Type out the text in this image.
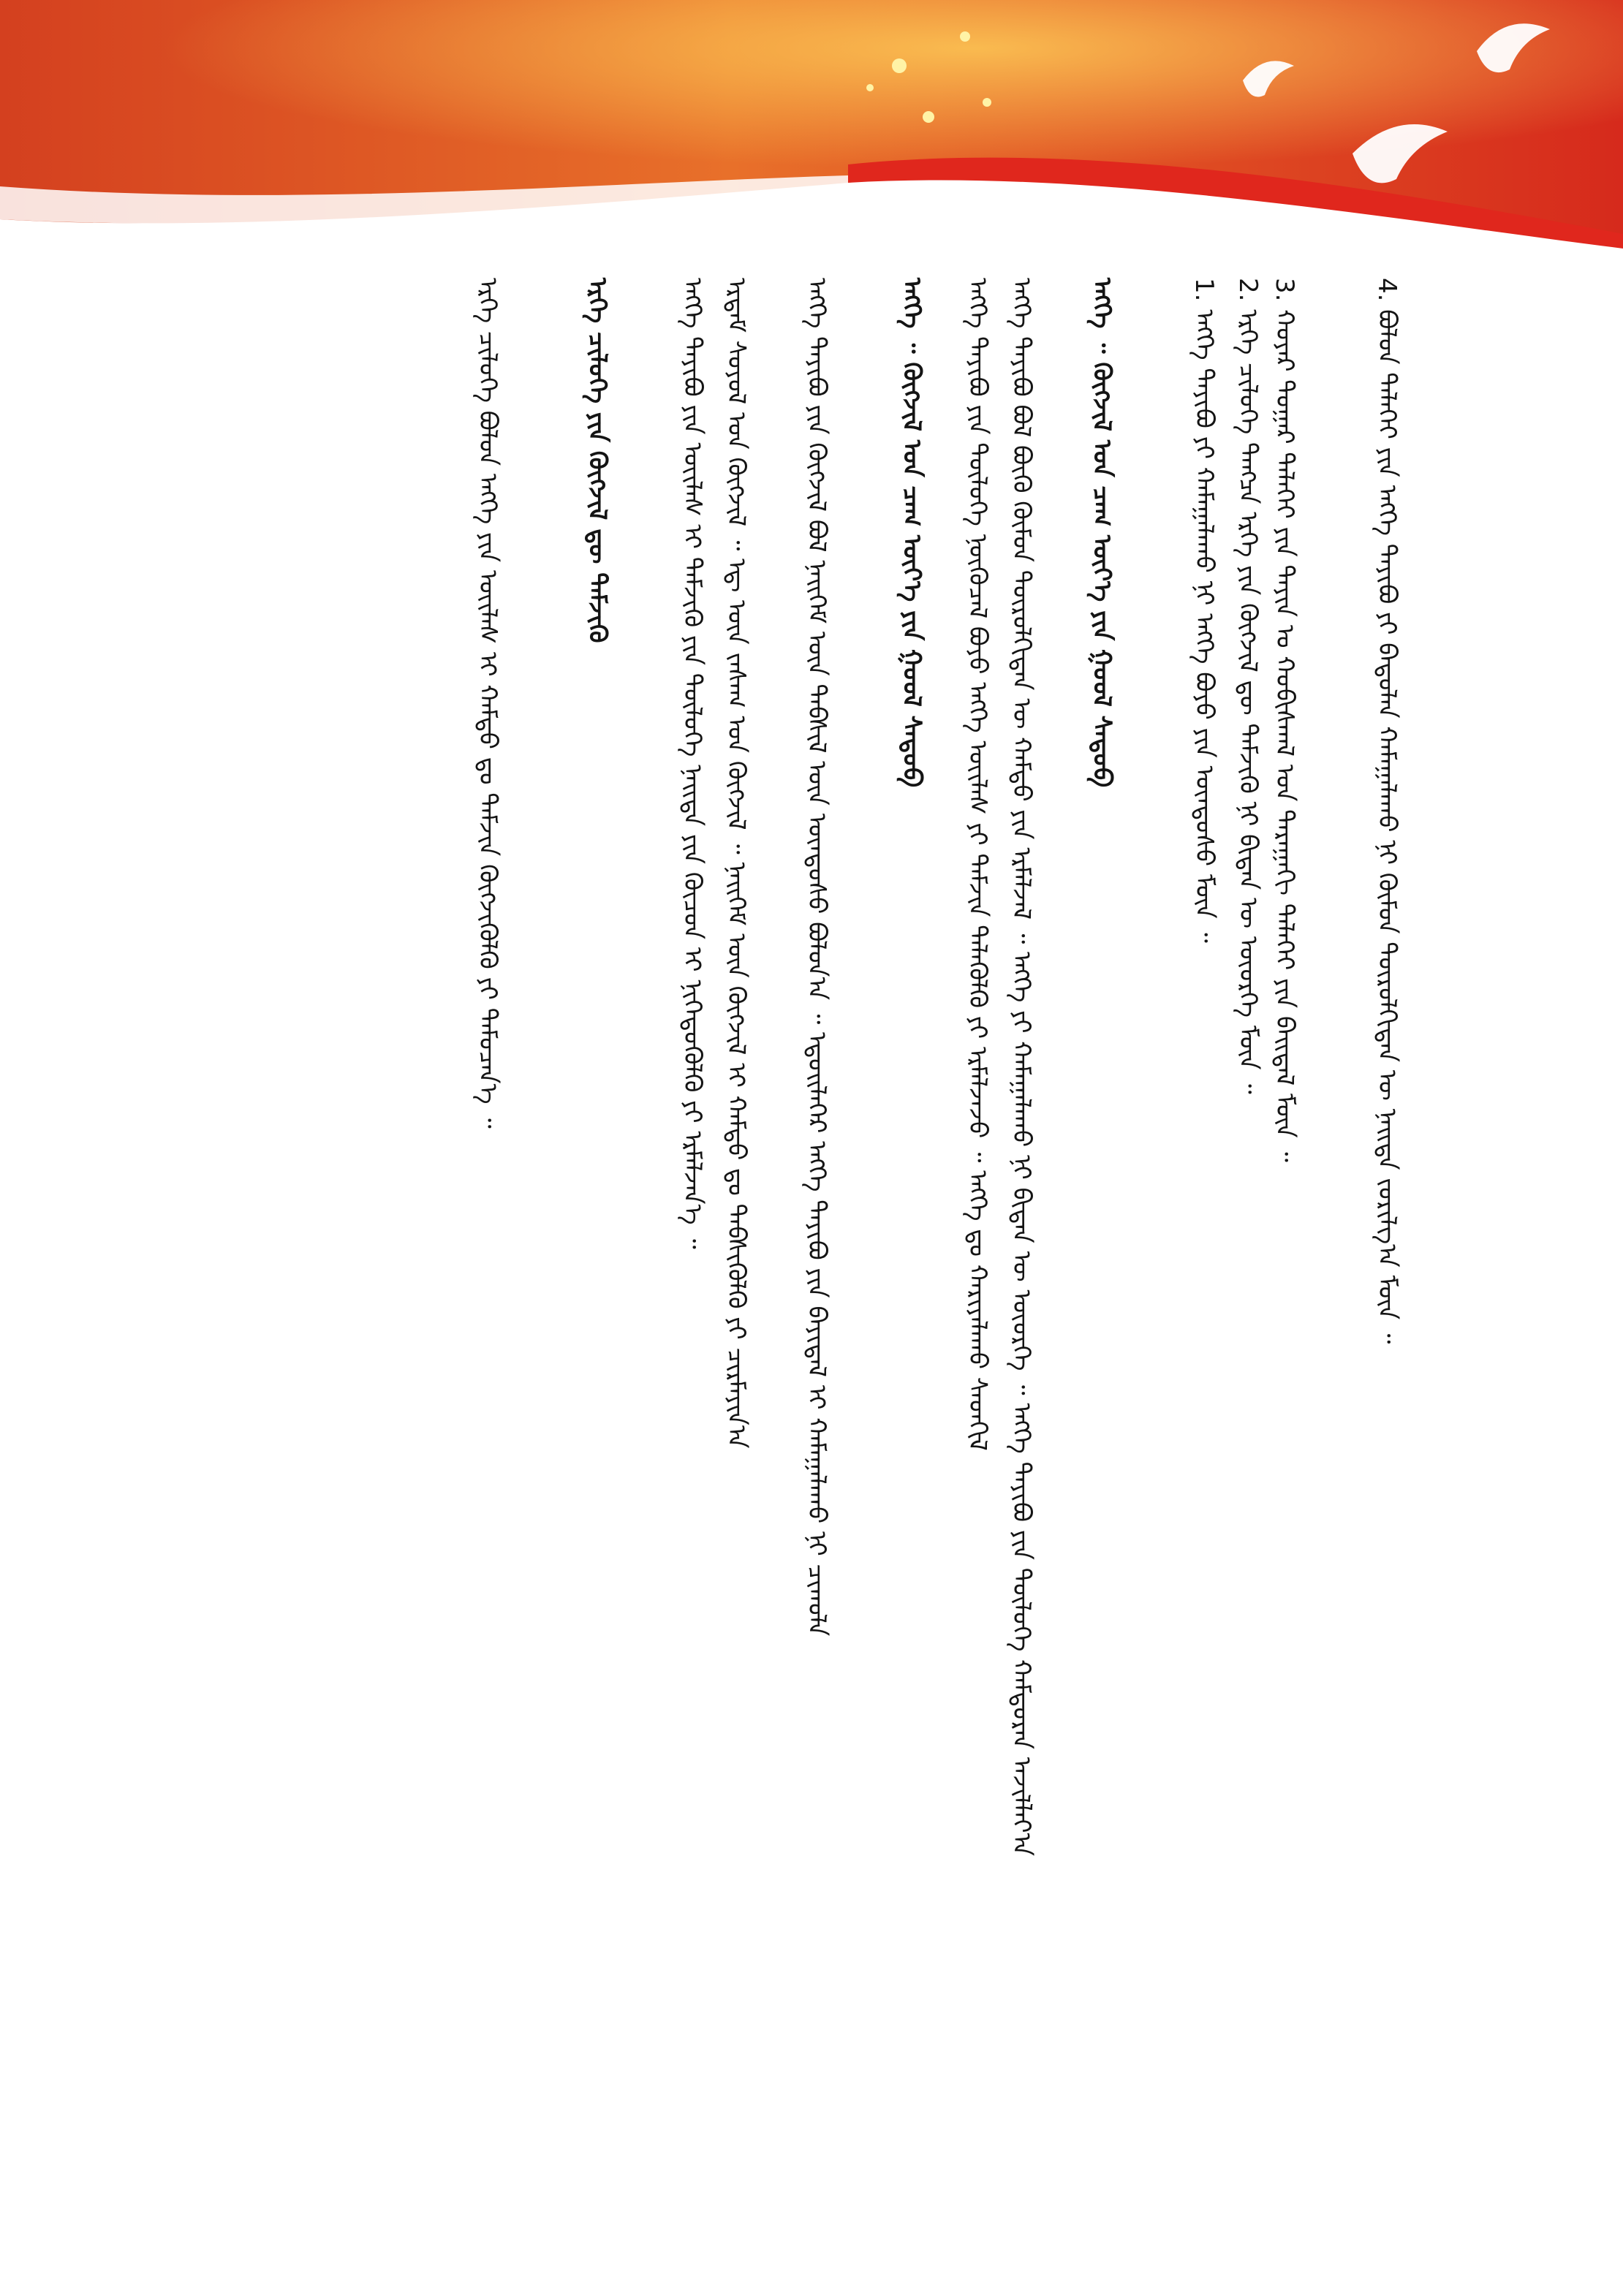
4. ᠪᠣᠯᠣᠨ ᠳᠡᠯᠡᠬᠡᠢ ᠶᠢᠨ ᠡᠩᠬᠡ ᠲᠠᠶᠢᠪᠣ ᠶᠢ ᠪᠠᠲᠤᠯᠠᠨ ᠬᠠᠮᠠᠭᠠᠯᠠᠬᠤ ᠨᠢ ᠬᠦᠮᠦᠨ ᠲᠥᠷᠦᠯᠬᠢᠲᠡᠨ ᠦ ᠨᠡᠢᠲᠡ ᠵᠣᠷᠢᠯᠭ᠎ᠠ ᠮᠥᠨ ᠃
3. ᠬᠣᠶᠠᠷ ᠳᠤᠭᠠᠷ ᠳᠡᠯᠡᠬᠡᠢ ᠶᠢᠨ ᠳᠠᠶᠢᠨ ᠤ ᠬᠣᠪᠢᠰᠬᠠᠯ ᠤᠨ ᠳᠠᠷᠠᠭᠠᠬᠢ ᠳᠡᠯᠡᠬᠡᠢ ᠶᠢᠨ ᠪᠠᠢᠳᠠᠯ ᠮᠥᠨ ᠃
2. ᠡᠷᠬᠡ ᠴᠢᠯᠦᠭᠡ ᠲᠡᠩᠴᠡ ᠡᠷᠬᠡ ᠶᠢᠨ ᠬᠥᠭᠵᠢᠯ ᠳᠦ ᠳᠡᠮᠵᠢᠬᠦ ᠨᠢ ᠪᠢᠳᠡᠨ ᠦ ᠦᠦᠷᠭᠡ ᠮᠥᠨ ᠃
1. ᠡᠩᠬᠡ ᠳᠠᠶᠢᠪᠣ ᠶᠢ ᠬᠠᠮᠠᠭᠠᠯᠠᠬᠤ ᠨᠢ ᠡᠩᠬᠡ ᠪᠣᠶᠣ ᠶᠢᠨ ᠦᠨᠳᠦᠰᠦ ᠮᠥᠨ ᠃
ᠡᠩᠬᠡ ᠃ ᠬᠥᠭᠵᠢᠯ ᠤᠨ ᠴᠠᠭ ᠦᠶ᠎ᠡ ᠶᠢᠨ ᠭᠣᠣᠯ ᠰᠡᠳᠦᠪ
ᠡᠩᠬᠡ ᠳᠠᠶᠢᠪᠣ ᠪᠣᠯ ᠪᠦᠬᠦ ᠬᠦᠮᠦᠨ ᠲᠥᠷᠦᠯᠬᠢᠲᠡᠨ ᠦ ᠬᠠᠮᠲᠤ ᠶᠢᠨ ᠡᠷᠮᠡᠯᠵᠡᠯ ᠃ ᠡᠩᠬᠡ ᠶᠢ ᠬᠠᠮᠠᠭᠠᠯᠠᠬᠤ ᠨᠢ ᠪᠢᠳᠡᠨ ᠦ ᠦᠦᠷᠭᠡ ᠃ ᠡᠩᠬᠡ ᠳᠠᠶᠢᠪᠣ ᠶᠢᠨ ᠲᠥᠯᠦᠭᠡ ᠬᠠᠮᠲᠤᠷᠠᠨ ᠠᠵᠢᠯᠯᠠᠶ᠎ᠠ
ᠡᠩᠬᠡ ᠳᠠᠶᠢᠪᠣ ᠶᠢᠨ ᠲᠥᠯᠦᠭᠡ ᠨᠥᠭᠦᠴᠡᠯ ᠪᠤᠶᠤ ᠡᠩᠬᠡ ᠦᠢᠯᠡᠰ ᠶᠢ ᠳᠡᠮᠵᠢᠨ ᠲᠡᠯᠡᠭᠦᠯᠬᠦ ᠶᠢ ᠡᠷᠮᠡᠯᠵᠡᠵᠦ ᠃ ᠡᠩᠬᠡ ᠳᠤ ᠬᠠᠷᠢᠶᠠᠯᠠᠬᠤ ᠰᠡᠳᠬᠢᠯ
ᠡᠩᠬᠡ ᠃ ᠬᠥᠭᠵᠢᠯ ᠤᠨ ᠴᠠᠭ ᠦᠶ᠎ᠡ ᠶᠢᠨ ᠭᠣᠣᠯ ᠰᠡᠳᠦᠪ
ᠡᠩᠬᠡ ᠳᠠᠶᠢᠪᠣ ᠶᠢᠨ ᠬᠥᠭᠵᠢᠯ ᠪᠣᠯ ᠨᠡᠢᠭᠡᠮ ᠦᠨ ᠳᠡᠪᠰᠢᠯ ᠦᠨ ᠦᠨᠳᠦᠰᠦ ᠪᠣᠯᠤᠨ᠎ᠠ ᠃ ᠡᠳᠦᠢᠯᠡᠭᠡᠷ ᠡᠩᠬᠡ ᠳᠠᠶᠢᠪᠣ ᠶᠢᠨ ᠪᠠᠶᠢᠳᠠᠯ ᠢ ᠬᠠᠮᠠᠭᠠᠯᠠᠬᠤ ᠨᠢ ᠴᠢᠬᠤᠯᠠ
ᠡᠷᠳᠡᠮ ᠰᠣᠶᠣᠯ ᠤᠨ ᠬᠥᠭᠵᠢᠯ ᠃ ᠡᠳ᠋ ᠦᠨ ᠵᠠᠰᠠᠭ ᠤᠨ ᠬᠥᠭᠵᠢᠯ ᠃ ᠨᠡᠢᠭᠡᠮ ᠦᠨ ᠬᠥᠭᠵᠢᠯ ᠢ ᠬᠠᠮᠲᠤ ᠳᠤ ᠳᠡᠪᠰᠢᠭᠦᠯᠬᠦ ᠶᠢ ᠴᠢᠷᠮᠠᠶᠢᠨ᠎ᠠ
ᠡᠩᠬᠡ ᠳᠠᠶᠢᠪᠣ ᠶᠢᠨ ᠦᠢᠯᠡᠰ ᠢ ᠳᠡᠮᠵᠢᠬᠦ ᠶᠢᠨ ᠲᠥᠯᠦᠭᠡ ᠨᠡᠢᠲᠡ ᠶᠢᠨ ᠬᠦᠴᠦᠨ ᠢ ᠨᠢᠭᠡᠳᠦᠭᠦᠯᠬᠦ ᠶᠢ ᠡᠷᠮᠡᠯᠵᠡᠨ᠎ᠡ ᠃
ᠡᠷᠬᠡ ᠴᠢᠯᠦᠭᠡ ᠶᠢᠨ ᠬᠥᠭᠵᠢᠯ ᠳᠦ ᠳᠡᠮᠵᠢᠬᠦ
ᠡᠷᠬᠡ ᠴᠢᠯᠦᠭᠡ ᠪᠤᠯᠤᠨ ᠡᠩᠬᠡ ᠶᠢᠨ ᠦᠢᠯᠡᠰ ᠢ ᠬᠠᠮᠲᠤ ᠳᠤ ᠳᠡᠮᠵᠢᠨ ᠬᠥᠭᠵᠢᠭᠦᠯᠬᠦ ᠶᠢ ᠲᠡᠮᠦᠴᠡᠨ᠎ᠡ ᠃
